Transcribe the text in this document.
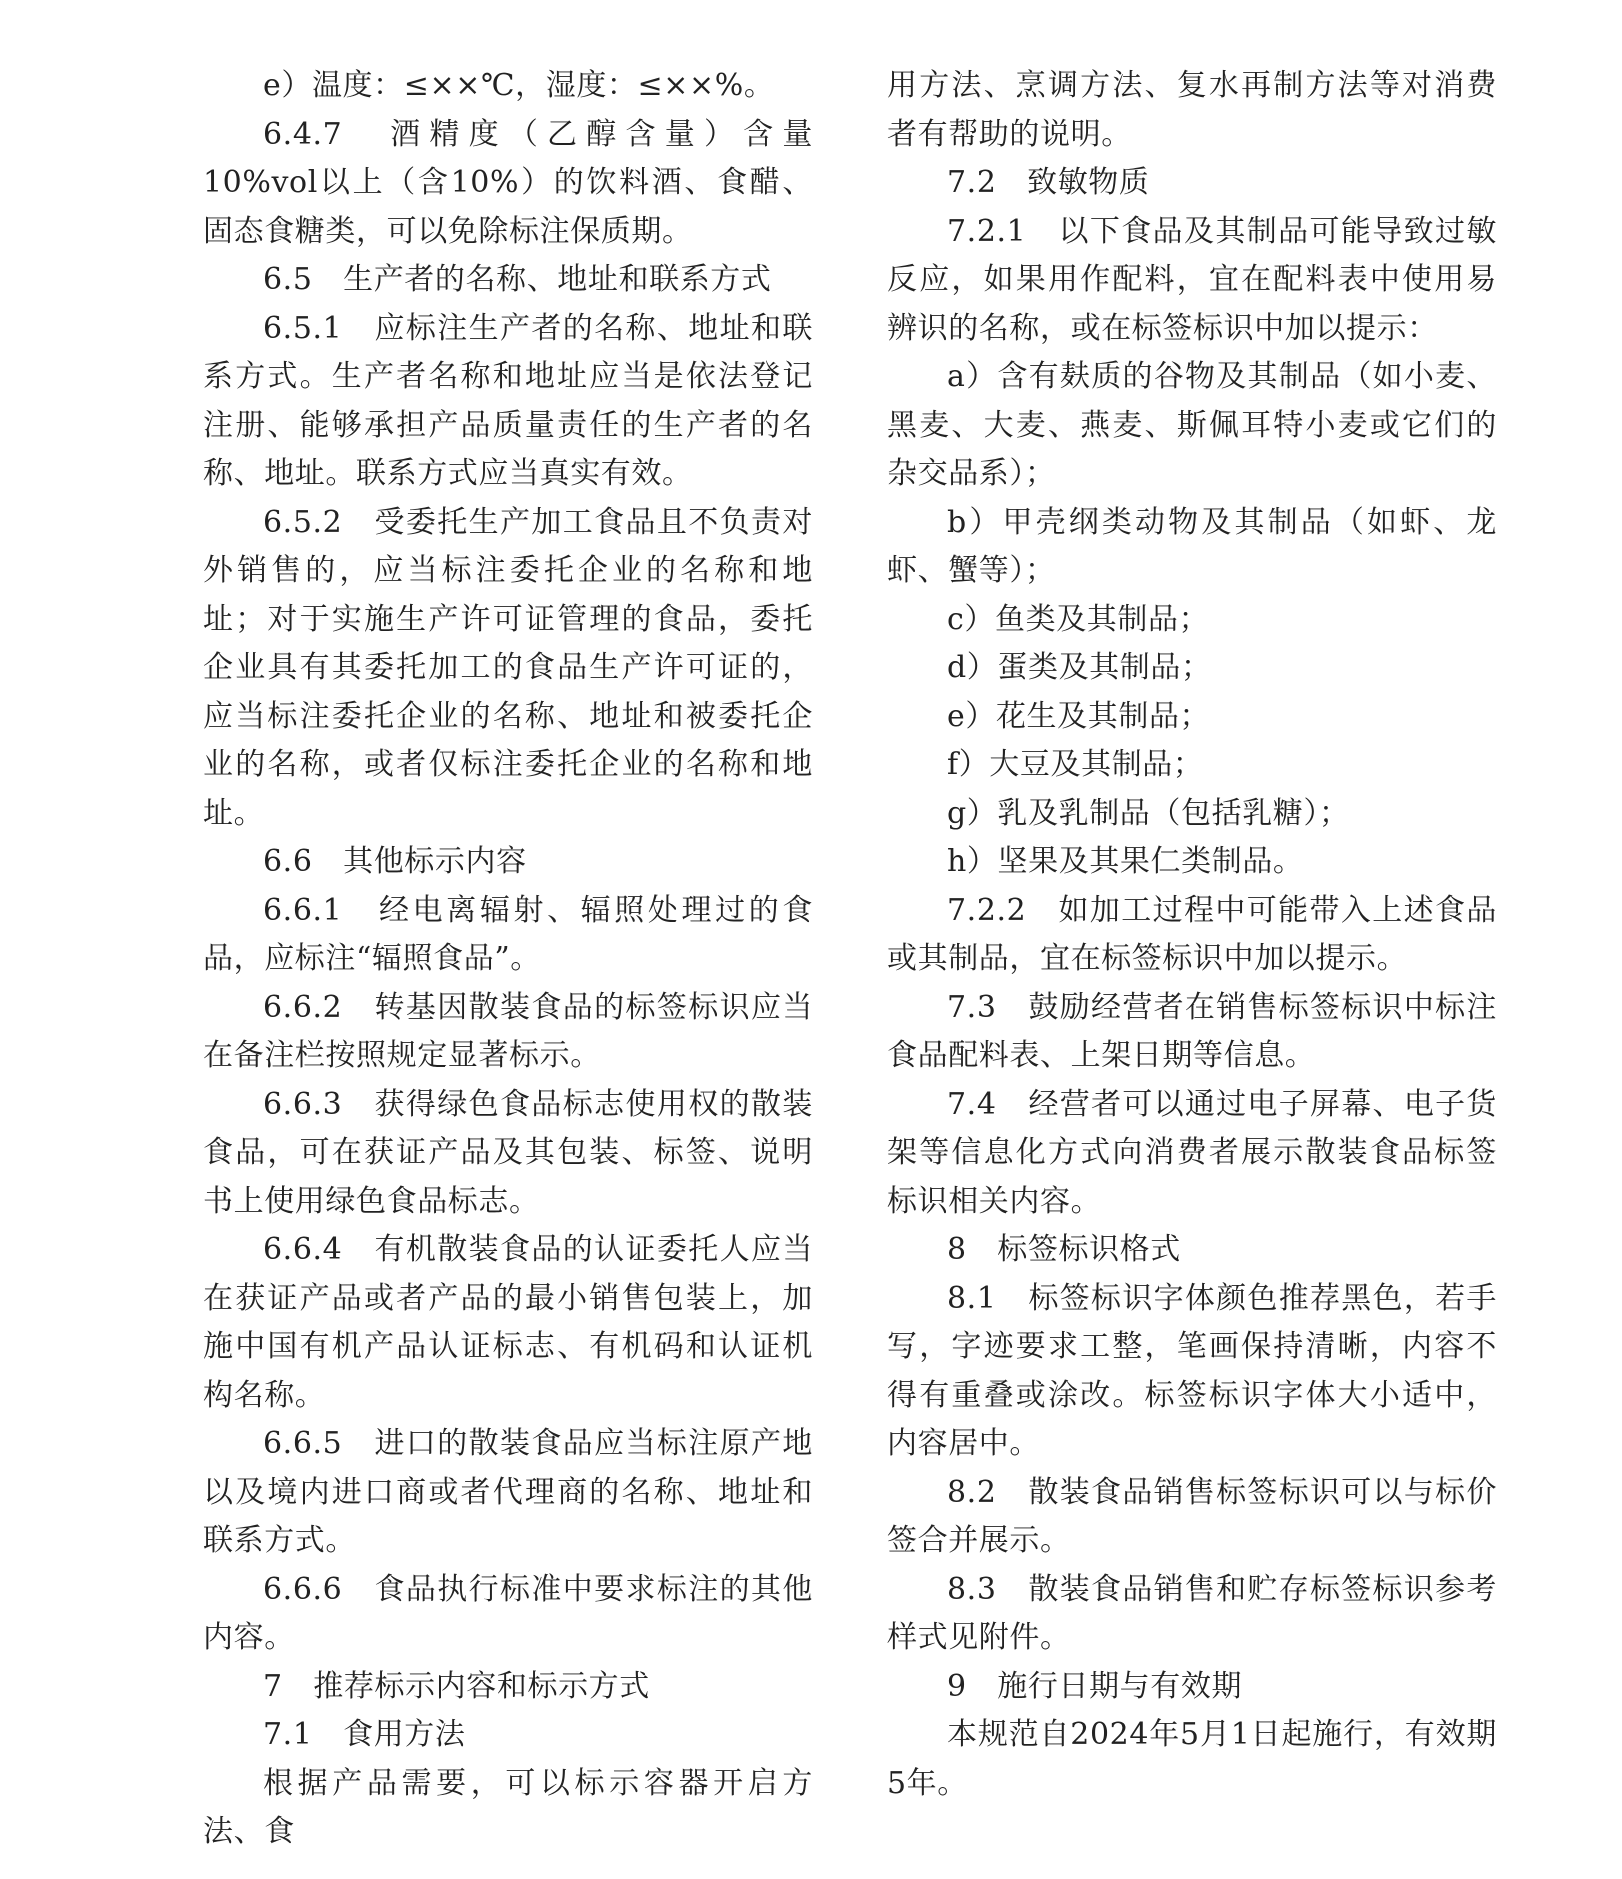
e）温度：≤××℃，湿度：≤××%。

6.4.7　酒精度（乙醇含量）含量10%vol以上（含10%）的饮料酒、食醋、固态食糖类，可以免除标注保质期。

6.5　生产者的名称、地址和联系方式

6.5.1　应标注生产者的名称、地址和联系方式。生产者名称和地址应当是依法登记注册、能够承担产品质量责任的生产者的名称、地址。联系方式应当真实有效。

6.5.2　受委托生产加工食品且不负责对外销售的，应当标注委托企业的名称和地址；对于实施生产许可证管理的食品，委托企业具有其委托加工的食品生产许可证的，应当标注委托企业的名称、地址和被委托企业的名称，或者仅标注委托企业的名称和地址。

6.6　其他标示内容

6.6.1　经电离辐射、辐照处理过的食品，应标注“辐照食品”。

6.6.2　转基因散装食品的标签标识应当在备注栏按照规定显著标示。

6.6.3　获得绿色食品标志使用权的散装食品，可在获证产品及其包装、标签、说明书上使用绿色食品标志。

6.6.4　有机散装食品的认证委托人应当在获证产品或者产品的最小销售包装上，加施中国有机产品认证标志、有机码和认证机构名称。

6.6.5　进口的散装食品应当标注原产地以及境内进口商或者代理商的名称、地址和联系方式。

6.6.6　食品执行标准中要求标注的其他内容。

7　推荐标示内容和标示方式

7.1　食用方法

根据产品需要，可以标示容器开启方法、食

用方法、烹调方法、复水再制方法等对消费者有帮助的说明。

7.2　致敏物质

7.2.1　以下食品及其制品可能导致过敏反应，如果用作配料，宜在配料表中使用易辨识的名称，或在标签标识中加以提示：

a）含有麸质的谷物及其制品（如小麦、黑麦、大麦、燕麦、斯佩耳特小麦或它们的杂交品系）；

b）甲壳纲类动物及其制品（如虾、龙虾、蟹等）；

c）鱼类及其制品；

d）蛋类及其制品；

e）花生及其制品；

f）大豆及其制品；

g）乳及乳制品（包括乳糖）；

h）坚果及其果仁类制品。

7.2.2　如加工过程中可能带入上述食品或其制品，宜在标签标识中加以提示。

7.3　鼓励经营者在销售标签标识中标注食品配料表、上架日期等信息。

7.4　经营者可以通过电子屏幕、电子货架等信息化方式向消费者展示散装食品标签标识相关内容。

8　标签标识格式

8.1　标签标识字体颜色推荐黑色，若手写，字迹要求工整，笔画保持清晰，内容不得有重叠或涂改。标签标识字体大小适中，内容居中。

8.2　散装食品销售标签标识可以与标价签合并展示。

8.3　散装食品销售和贮存标签标识参考样式见附件。

9　施行日期与有效期

本规范自2024年5月1日起施行，有效期5年。
